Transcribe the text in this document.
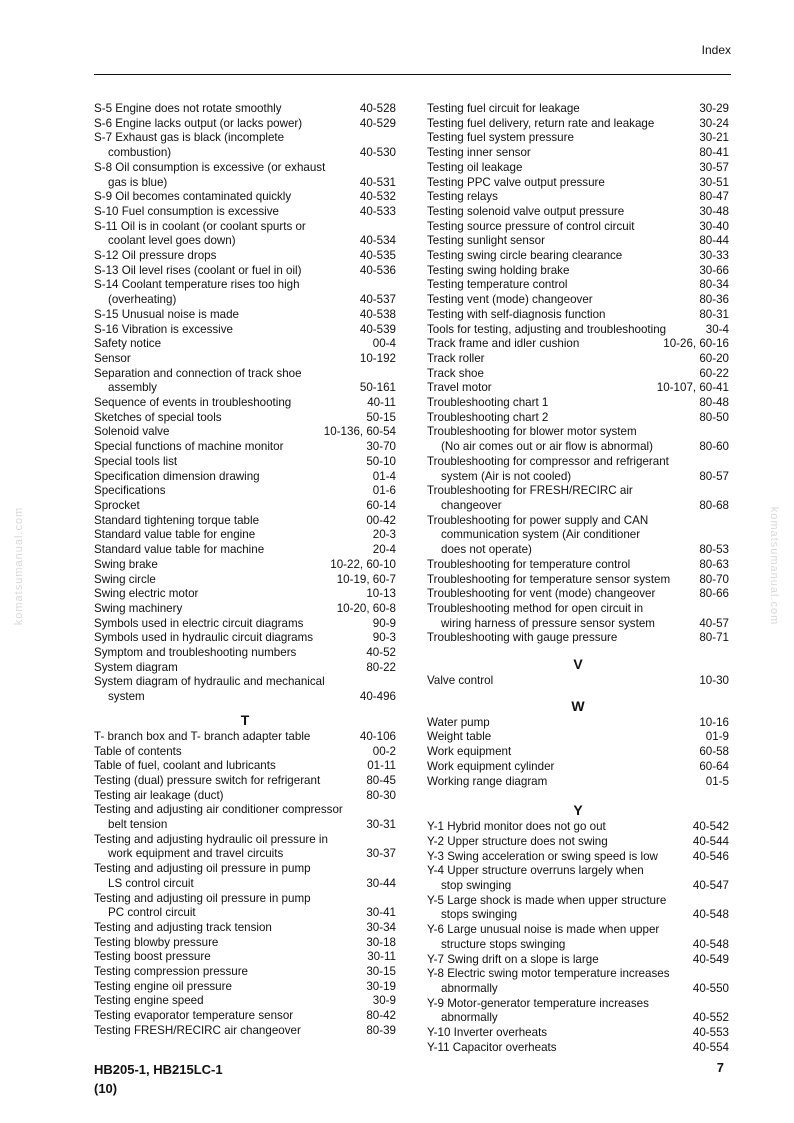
Index
komatsumanual.com	komatsumanual.com
S-5 Engine does not rotate smoothly	40-528
S-6 Engine lacks output (or lacks power)	40-529
S-7 Exhaust gas is black (incomplete
combustion)	40-530
S-8 Oil consumption is excessive (or exhaust
gas is blue)	40-531
S-9 Oil becomes contaminated quickly	40-532
S-10 Fuel consumption is excessive	40-533
S-11 Oil is in coolant (or coolant spurts or
coolant level goes down)	40-534
S-12 Oil pressure drops	40-535
S-13 Oil level rises (coolant or fuel in oil)	40-536
S-14 Coolant temperature rises too high
(overheating)	40-537
S-15 Unusual noise is made	40-538
S-16 Vibration is excessive	40-539
Safety notice	00-4
Sensor	10-192
Separation and connection of track shoe
assembly	50-161
Sequence of events in troubleshooting	40-11
Sketches of special tools	50-15
Solenoid valve	10-136, 60-54
Special functions of machine monitor	30-70
Special tools list	50-10
Specification dimension drawing	01-4
Specifications	01-6
Sprocket	60-14
Standard tightening torque table	00-42
Standard value table for engine	20-3
Standard value table for machine	20-4
Swing brake	10-22, 60-10
Swing circle	10-19, 60-7
Swing electric motor	10-13
Swing machinery	10-20, 60-8
Symbols used in electric circuit diagrams	90-9
Symbols used in hydraulic circuit diagrams	90-3
Symptom and troubleshooting numbers	40-52
System diagram	80-22
System diagram of hydraulic and mechanical
system	40-496
T
T- branch box and T- branch adapter table	40-106
Table of contents	00-2
Table of fuel, coolant and lubricants	01-11
Testing (dual) pressure switch for refrigerant	80-45
Testing air leakage (duct)	80-30
Testing and adjusting air conditioner compressor
belt tension	30-31
Testing and adjusting hydraulic oil pressure in
work equipment and travel circuits	30-37
Testing and adjusting oil pressure in pump
LS control circuit	30-44
Testing and adjusting oil pressure in pump
PC control circuit	30-41
Testing and adjusting track tension	30-34
Testing blowby pressure	30-18
Testing boost pressure	30-11
Testing compression pressure	30-15
Testing engine oil pressure	30-19
Testing engine speed	30-9
Testing evaporator temperature sensor	80-42
Testing FRESH/RECIRC air changeover	80-39
Testing fuel circuit for leakage	30-29
Testing fuel delivery, return rate and leakage	30-24
Testing fuel system pressure	30-21
Testing inner sensor	80-41
Testing oil leakage	30-57
Testing PPC valve output pressure	30-51
Testing relays	80-47
Testing solenoid valve output pressure	30-48
Testing source pressure of control circuit	30-40
Testing sunlight sensor	80-44
Testing swing circle bearing clearance	30-33
Testing swing holding brake	30-66
Testing temperature control	80-34
Testing vent (mode) changeover	80-36
Testing with self-diagnosis function	80-31
Tools for testing, adjusting and troubleshooting	30-4
Track frame and idler cushion	10-26, 60-16
Track roller	60-20
Track shoe	60-22
Travel motor	10-107, 60-41
Troubleshooting chart 1	80-48
Troubleshooting chart 2	80-50
Troubleshooting for blower motor system
(No air comes out or air flow is abnormal)	80-60
Troubleshooting for compressor and refrigerant
system (Air is not cooled)	80-57
Troubleshooting for FRESH/RECIRC air
changeover	80-68
Troubleshooting for power supply and CAN
communication system (Air conditioner
does not operate)	80-53
Troubleshooting for temperature control	80-63
Troubleshooting for temperature sensor system	80-70
Troubleshooting for vent (mode) changeover	80-66
Troubleshooting method for open circuit in
wiring harness of pressure sensor system	40-57
Troubleshooting with gauge pressure	80-71
V
Valve control	10-30
W
Water pump	10-16
Weight table	01-9
Work equipment	60-58
Work equipment cylinder	60-64
Working range diagram	01-5
Y
Y-1 Hybrid monitor does not go out	40-542
Y-2 Upper structure does not swing	40-544
Y-3 Swing acceleration or swing speed is low	40-546
Y-4 Upper structure overruns largely when
stop swinging	40-547
Y-5 Large shock is made when upper structure
stops swinging	40-548
Y-6 Large unusual noise is made when upper
structure stops swinging	40-548
Y-7 Swing drift on a slope is large	40-549
Y-8 Electric swing motor temperature increases
abnormally	40-550
Y-9 Motor-generator temperature increases
abnormally	40-552
Y-10 Inverter overheats	40-553
Y-11 Capacitor overheats	40-554
HB205-1, HB215LC-1
(10)
7
